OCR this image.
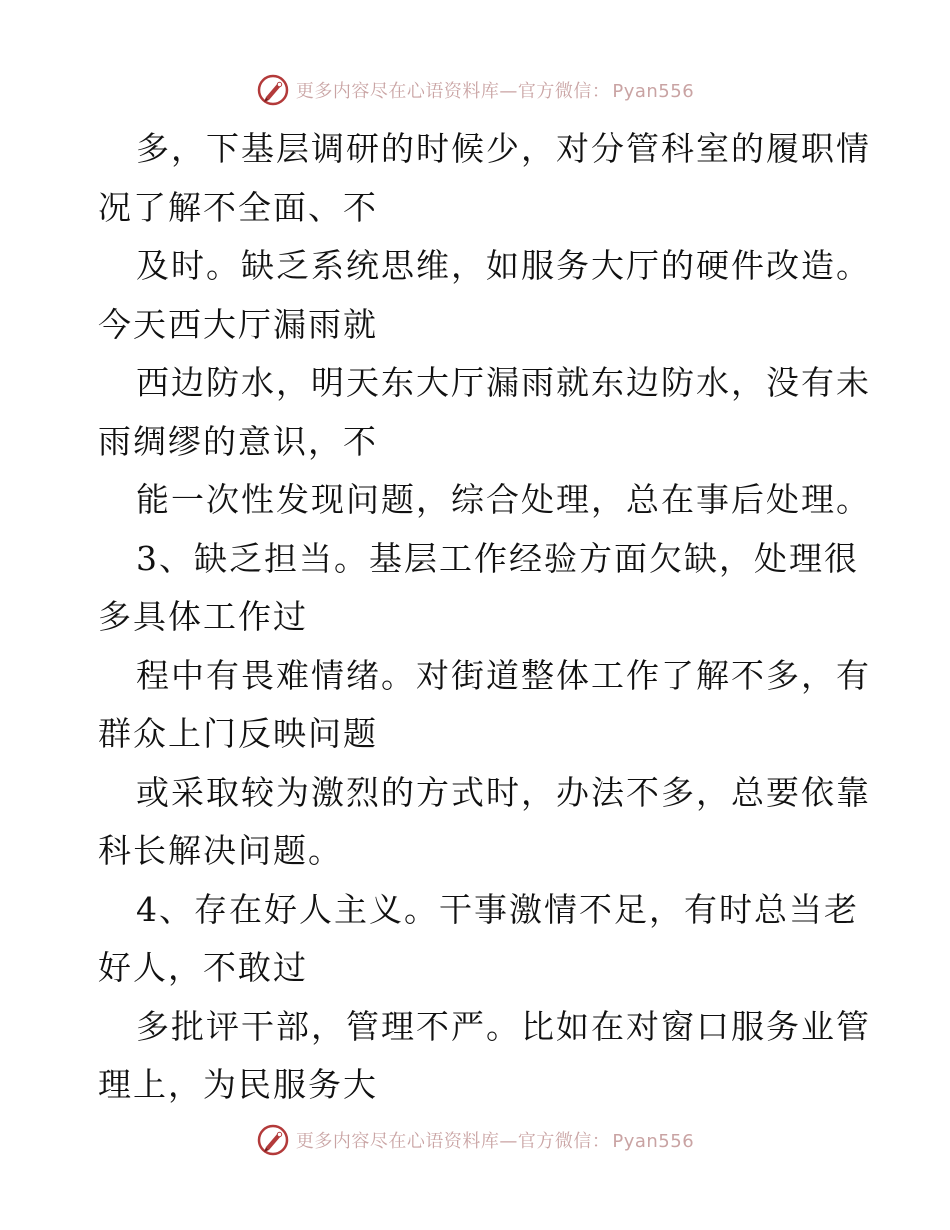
更多内容尽在心语资料库—官方微信： Pyan556
多，下基层调研的时候少，对分管科室的履职情
况了解不全面、不
及时。缺乏系统思维，如服务大厅的硬件改造。
今天西大厅漏雨就
西边防水，明天东大厅漏雨就东边防水，没有未
雨绸缪的意识，不
能一次性发现问题，综合处理，总在事后处理。
3、缺乏担当。基层工作经验方面欠缺，处理很
多具体工作过
程中有畏难情绪。对街道整体工作了解不多，有
群众上门反映问题
或采取较为激烈的方式时，办法不多，总要依靠
科长解决问题。
4、存在好人主义。干事激情不足，有时总当老
好人，不敢过
多批评干部，管理不严。比如在对窗口服务业管
理上，为民服务大
更多内容尽在心语资料库—官方微信： Pyan556
